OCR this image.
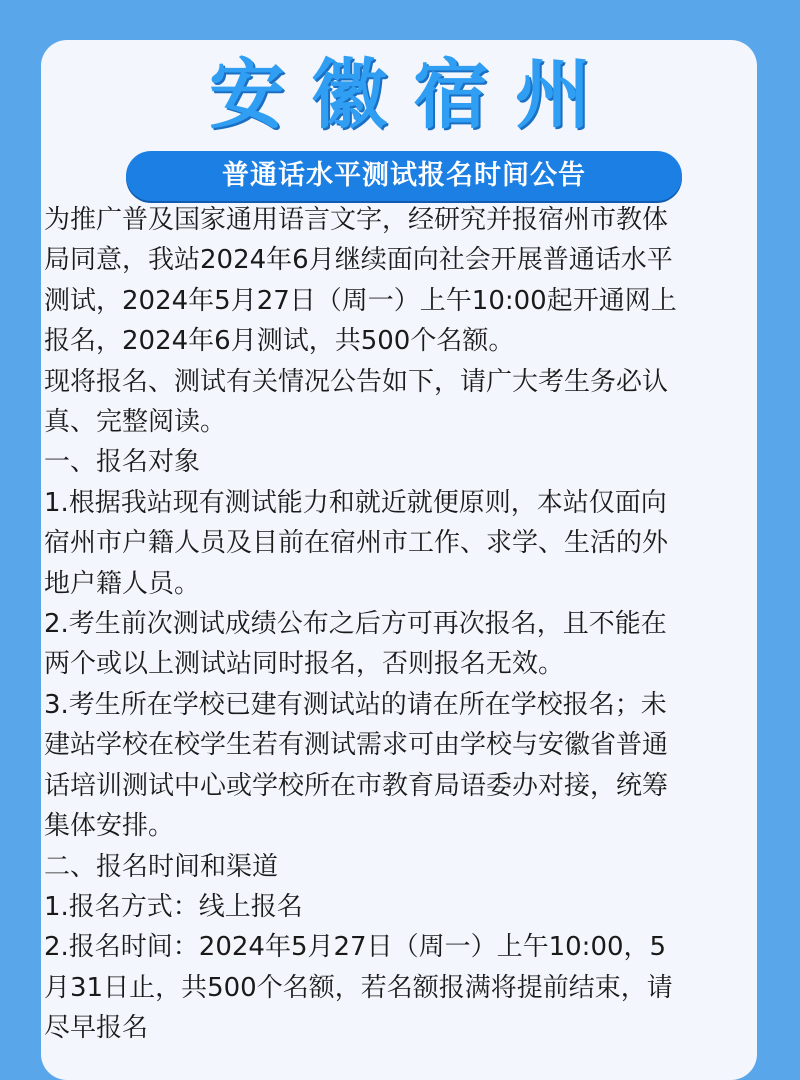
安徽宿州
普通话水平测试报名时间公告

为推广普及国家通用语言文字，经研究并报宿州市教体

局同意，我站2024年6月继续面向社会开展普通话水平

测试，2024年5月27日（周一）上午10:00起开通网上

报名，2024年6月测试，共500个名额。

现将报名、测试有关情况公告如下，请广大考生务必认

真、完整阅读。

一、报名对象

1.根据我站现有测试能力和就近就便原则，本站仅面向

宿州市户籍人员及目前在宿州市工作、求学、生活的外

地户籍人员。

2.考生前次测试成绩公布之后方可再次报名，且不能在

两个或以上测试站同时报名，否则报名无效。

3.考生所在学校已建有测试站的请在所在学校报名；未

建站学校在校学生若有测试需求可由学校与安徽省普通

话培训测试中心或学校所在市教育局语委办对接，统筹

集体安排。

二、报名时间和渠道

1.报名方式：线上报名

2.报名时间：2024年5月27日（周一）上午10:00，5

月31日止，共500个名额，若名额报满将提前结束，请

尽早报名
